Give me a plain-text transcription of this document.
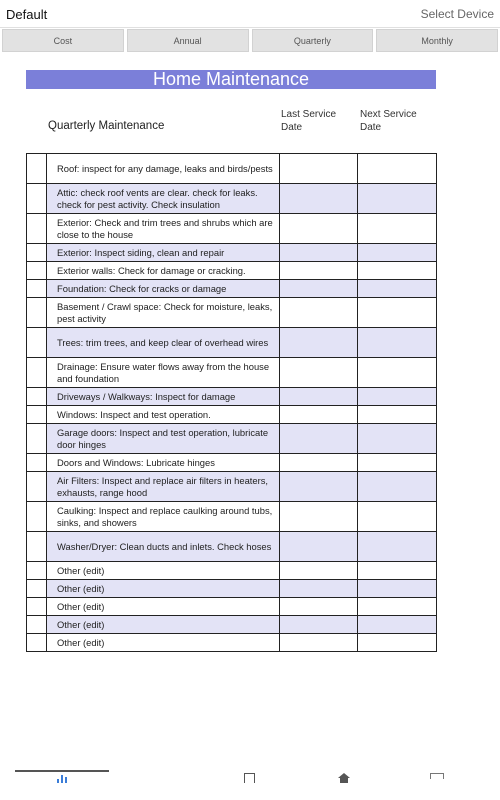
Default	Select Device
Cost	Annual	Quarterly	Monthly
Home Maintenance
Quarterly Maintenance
Last Service Date
Next Service Date
Roof: inspect for any damage, leaks and birds/pests
Attic: check roof vents are clear. check for leaks. check for pest activity. Check insulation
Exterior: Check and trim trees and shrubs which are close to the house
Exterior: Inspect siding, clean and repair
Exterior walls: Check for damage or cracking.
Foundation: Check for cracks or damage
Basement / Crawl space: Check for moisture, leaks, pest activity
Trees: trim trees, and keep clear of overhead wires
Drainage: Ensure water flows away from the house and foundation
Driveways / Walkways: Inspect for damage
Windows: Inspect and test operation.
Garage doors: Inspect and test operation, lubricate door hinges
Doors and Windows: Lubricate hinges
Air Filters: Inspect and replace air filters in heaters, exhausts, range hood
Caulking: Inspect and replace caulking around tubs, sinks, and showers
Washer/Dryer: Clean ducts and inlets. Check hoses
Other (edit)
Other (edit)
Other (edit)
Other (edit)
Other (edit)
